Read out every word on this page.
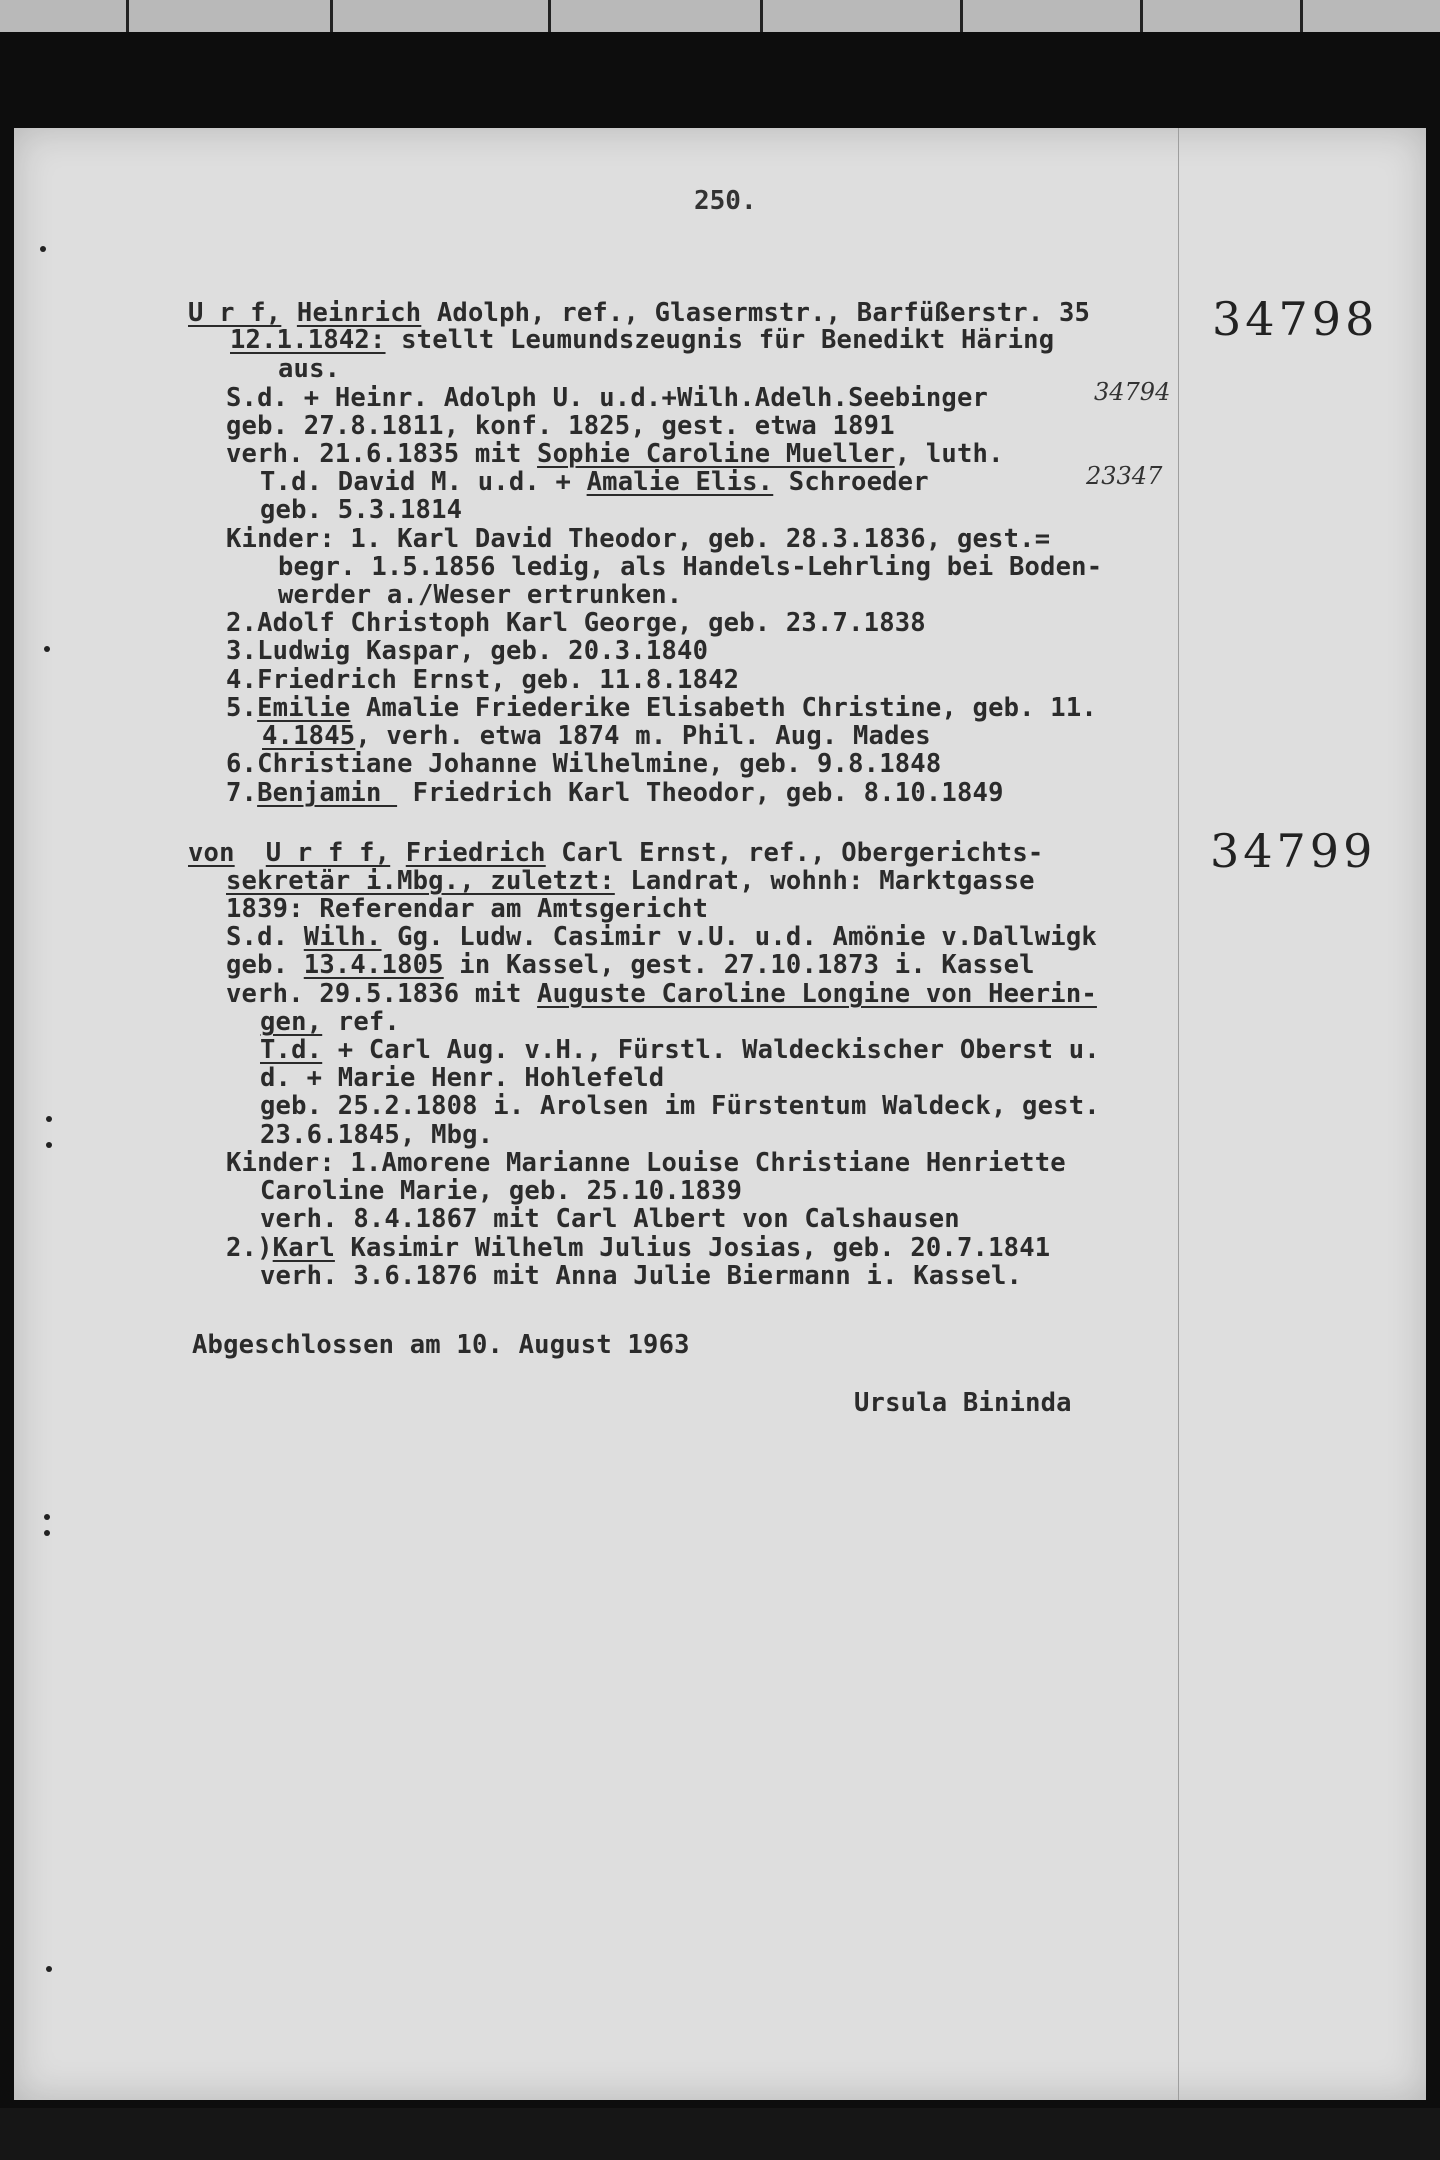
250.
U r f, Heinrich Adolph, ref., Glasermstr., Barfüßerstr. 35
12.1.1842: stellt Leumundszeugnis für Benedikt Häring
aus.
S.d. + Heinr. Adolph U. u.d.+Wilh.Adelh.Seebinger
geb. 27.8.1811, konf. 1825, gest. etwa 1891
verh. 21.6.1835 mit Sophie Caroline Mueller, luth.
T.d. David M. u.d. + Amalie Elis. Schroeder
geb. 5.3.1814
Kinder: 1. Karl David Theodor, geb. 28.3.1836, gest.=
begr. 1.5.1856 ledig, als Handels-Lehrling bei Boden-
werder a./Weser ertrunken.
2.Adolf Christoph Karl George, geb. 23.7.1838
3.Ludwig Kaspar, geb. 20.3.1840
4.Friedrich Ernst, geb. 11.8.1842
5.Emilie Amalie Friederike Elisabeth Christine, geb. 11.
4.1845, verh. etwa 1874 m. Phil. Aug. Mades
6.Christiane Johanne Wilhelmine, geb. 9.8.1848
7.Benjamin  Friedrich Karl Theodor, geb. 8.10.1849
34798
34794
23347
von U r f f, Friedrich Carl Ernst, ref., Obergerichts-
sekretär i.Mbg., zuletzt: Landrat, wohnh: Marktgasse
1839: Referendar am Amtsgericht
S.d. Wilh. Gg. Ludw. Casimir v.U. u.d. Amönie v.Dallwigk
geb. 13.4.1805 in Kassel, gest. 27.10.1873 i. Kassel
verh. 29.5.1836 mit Auguste Caroline Longine von Heerin-
gen, ref.
T.d. + Carl Aug. v.H., Fürstl. Waldeckischer Oberst u.
d. + Marie Henr. Hohlefeld
geb. 25.2.1808 i. Arolsen im Fürstentum Waldeck, gest.
23.6.1845, Mbg.
Kinder: 1.Amorene Marianne Louise Christiane Henriette
Caroline Marie, geb. 25.10.1839
verh. 8.4.1867 mit Carl Albert von Calshausen
2.)Karl Kasimir Wilhelm Julius Josias, geb. 20.7.1841
verh. 3.6.1876 mit Anna Julie Biermann i. Kassel.
34799
Abgeschlossen am 10. August 1963
Ursula Bininda
